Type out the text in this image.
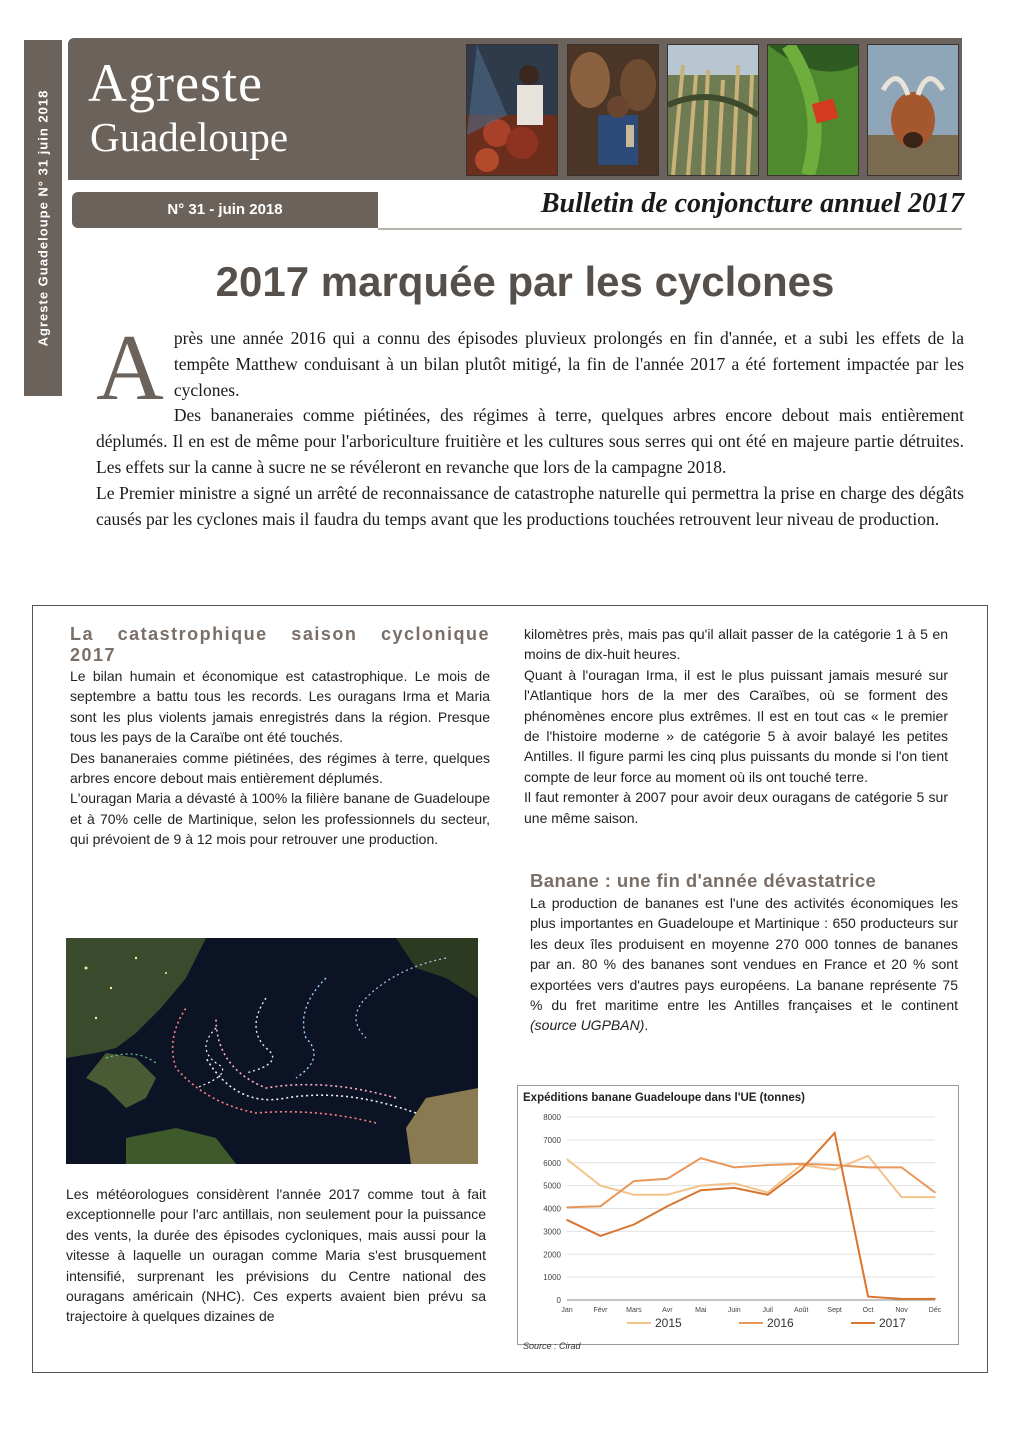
Agreste Guadeloupe N° 31 juin 2018
Agreste
Guadeloupe
N° 31 - juin 2018	Bulletin de conjoncture annuel 2017
2017 marquée par les cyclones

Après une année 2016 qui a connu des épisodes pluvieux prolongés en fin d'année, et a subi les effets de la tempête Matthew conduisant à un bilan plutôt mitigé, la fin de l'année 2017 a été fortement impactée par les cyclones.

Des bananeraies comme piétinées, des régimes à terre, quelques arbres encore debout mais entièrement déplumés. Il en est de même pour l'arboriculture fruitière et les cultures sous serres qui ont été en majeure partie détruites. Les effets sur la canne à sucre ne se révéleront en revanche que lors de la campagne 2018.

Le Premier ministre a signé un arrêté de reconnaissance de catastrophe naturelle qui permettra la prise en charge des dégâts causés par les cyclones mais il faudra du temps avant que les productions touchées retrouvent leur niveau de production.

La catastrophique saison cyclonique 2017

Le bilan humain et économique est catastrophique. Le mois de septembre a battu tous les records. Les ouragans Irma et Maria sont les plus violents jamais enregistrés dans la région. Presque tous les pays de la Caraïbe ont été touchés.

Des bananeraies comme piétinées, des régimes à terre, quelques arbres encore debout mais entièrement déplumés.

L'ouragan Maria a dévasté à 100% la filière banane de Guadeloupe et à 70% celle de Martinique, selon les professionnels du secteur, qui prévoient de 9 à 12 mois pour retrouver une production.

Les météorologues considèrent l'année 2017 comme tout à fait exceptionnelle pour l'arc antillais, non seulement pour la puissance des vents, la durée des épisodes cycloniques, mais aussi pour la vitesse à laquelle un ouragan comme Maria s'est brusquement intensifié, surprenant les prévisions du Centre national des ouragans américain (NHC). Ces experts avaient bien prévu sa trajectoire à quelques dizaines de

kilomètres près, mais pas qu'il allait passer de la catégorie 1 à 5 en moins de dix-huit heures.

Quant à l'ouragan Irma, il est le plus puissant jamais mesuré sur l'Atlantique hors de la mer des Caraïbes, où se forment des phénomènes encore plus extrêmes. Il est en tout cas « le premier de l'histoire moderne » de catégorie 5 à avoir balayé les petites Antilles. Il figure parmi les cinq plus puissants du monde si l'on tient compte de leur force au moment où ils ont touché terre.

Il faut remonter à 2007 pour avoir deux ouragans de catégorie 5 sur une même saison.

Banane : une fin d'année dévastatrice

La production de bananes est l'une des activités économiques les plus importantes en Guadeloupe et Martinique : 650 producteurs sur les deux îles produisent en moyenne 270 000 tonnes de bananes par an. 80 % des bananes sont vendues en France et 20 % sont exportées vers d'autres pays européens. La banane représente 75 % du fret maritime entre les Antilles françaises et le continent (source UGPBAN).

Expéditions banane Guadeloupe dans l'UE (tonnes)
0
1000
2000
3000
4000
5000
6000
7000
8000
Jan	Févr	Mars	Avr	Mai	Juin	Juil	Août	Sept	Oct	Nov	Déc
2015	2016	2017
Source : Cirad
